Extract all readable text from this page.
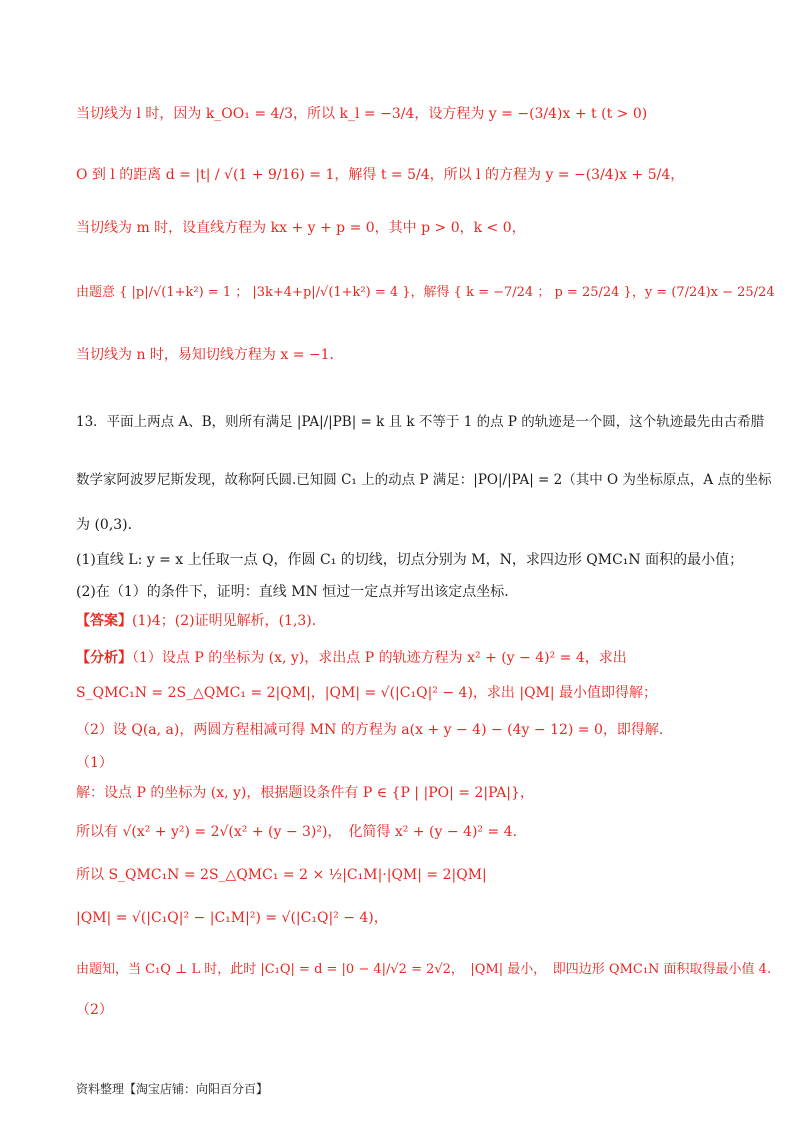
当切线为 l 时，因为 k_OO₁ = 4/3，所以 k_l = −3/4，设方程为 y = −(3/4)x + t (t > 0)
O 到 l 的距离 d = |t| / √(1 + 9/16) = 1，解得 t = 5/4，所以 l 的方程为 y = −(3/4)x + 5/4，
当切线为 m 时，设直线方程为 kx + y + p = 0，其中 p > 0，k < 0，
由题意 { |p|/√(1+k²) = 1 ； |3k+4+p|/√(1+k²) = 4 }，解得 { k = −7/24 ； p = 25/24 }，y = (7/24)x − 25/24
当切线为 n 时，易知切线方程为 x = −1．
13．平面上两点 A、B，则所有满足 |PA|/|PB| = k 且 k 不等于 1 的点 P 的轨迹是一个圆，这个轨迹最先由古希腊
数学家阿波罗尼斯发现，故称阿氏圆.已知圆 C₁ 上的动点 P 满足：|PO|/|PA| = 2（其中 O 为坐标原点，A 点的坐标
为 (0,3)．
(1)直线 L: y = x 上任取一点 Q，作圆 C₁ 的切线，切点分别为 M，N，求四边形 QMC₁N 面积的最小值；
(2)在（1）的条件下，证明：直线 MN 恒过一定点并写出该定点坐标.
【答案】(1)4；(2)证明见解析，(1,3)．
【分析】（1）设点 P 的坐标为 (x, y)，求出点 P 的轨迹方程为 x² + (y − 4)² = 4，求出
S_QMC₁N = 2S_△QMC₁ = 2|QM|，|QM| = √(|C₁Q|² − 4)，求出 |QM| 最小值即得解；
（2）设 Q(a, a)，两圆方程相减可得 MN 的方程为 a(x + y − 4) − (4y − 12) = 0，即得解.
（1）
解：设点 P 的坐标为 (x, y)，根据题设条件有 P ∈ {P | |PO| = 2|PA|}，
所以有 √(x² + y²) = 2√(x² + (y − 3)²)，　化简得 x² + (y − 4)² = 4．
所以 S_QMC₁N = 2S_△QMC₁ = 2 × ½|C₁M|·|QM| = 2|QM|
|QM| = √(|C₁Q|² − |C₁M|²) = √(|C₁Q|² − 4)，
由题知，当 C₁Q ⊥ L 时，此时 |C₁Q| = d = |0 − 4|/√2 = 2√2，　|QM| 最小，　即四边形 QMC₁N 面积取得最小值 4.
（2）
资料整理【淘宝店铺：向阳百分百】
